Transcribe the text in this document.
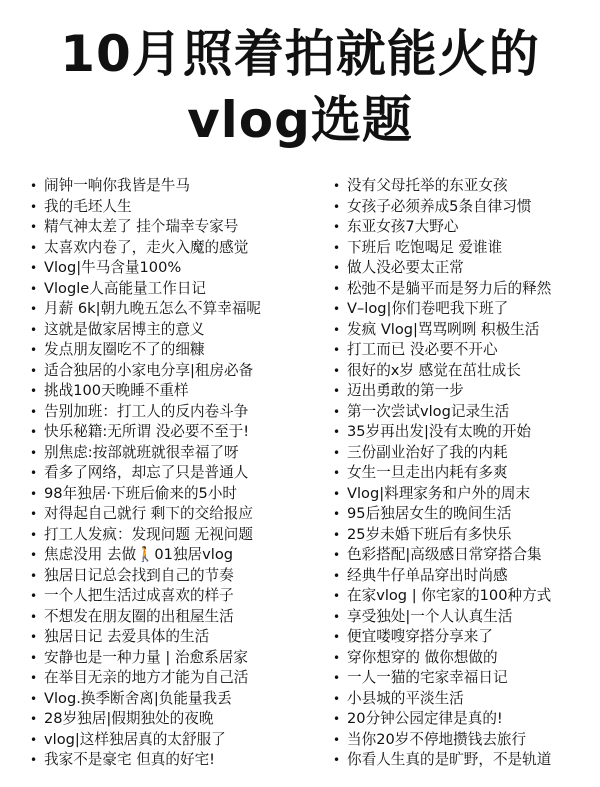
10月照着拍就能火的
vlog选题
• 闹钟一响你我皆是牛马
• 我的毛坯人生
• 精气神太差了 挂个瑞幸专家号
• 太喜欢内卷了，走火入魔的感觉
• Vlog|牛马含量100%
• Vlogle人高能量工作日记
• 月薪 6k|朝九晚五怎么不算幸福呢
• 这就是做家居博主的意义
• 发点朋友圈吃不了的细糠
• 适合独居的小家电分享|租房必备
• 挑战100天晚睡不重样
• 告别加班：打工人的反内卷斗争
• 快乐秘籍:无所谓 没必要不至于!
• 别焦虑:按部就班就很幸福了呀
• 看多了网络，却忘了只是普通人
• 98年独居·下班后偷来的5小时
• 对得起自己就行 剩下的交给报应
• 打工人发疯：发现问题 无视问题
• 焦虑没用 去做🚶01独居vlog
• 独居日记总会找到自己的节奏
• 一个人把生活过成喜欢的样子
• 不想发在朋友圈的出租屋生活
• 独居日记 去爱具体的生活
• 安静也是一种力量 | 治愈系居家
• 在举目无亲的地方才能为自己活
• Vlog.换季断舍离|负能量我丢
• 28岁独居|假期独处的夜晚
• vlog|这样独居真的太舒服了
• 我家不是豪宅 但真的好宅!
• 没有父母托举的东亚女孩
• 女孩子必须养成5条自律习惯
• 东亚女孩7大野心
• 下班后 吃饱喝足 爱谁谁
• 做人没必要太正常
• 松弛不是躺平而是努力后的释然
• V–log|你们卷吧我下班了
• 发疯 Vlog|骂骂咧咧 积极生活
• 打工而已 没必要不开心
• 很好的x岁 感觉在茁壮成长
• 迈出勇敢的第一步
• 第一次尝试vlog记录生活
• 35岁再出发|没有太晚的开始
• 三份副业治好了我的内耗
• 女生一旦走出内耗有多爽
• Vlog|料理家务和户外的周末
• 95后独居女生的晚间生活
• 25岁未婚下班后有多快乐
• 色彩搭配|高级感日常穿搭合集
• 经典牛仔单品穿出时尚感
• 在家vlog | 你宅家的100种方式
• 享受独处|一个人认真生活
• 便宜喽嗖穿搭分享来了
• 穿你想穿的 做你想做的
• 一人一猫的宅家幸福日记
• 小县城的平淡生活
• 20分钟公园定律是真的!
• 当你20岁不停地攒钱去旅行
• 你看人生真的是旷野，不是轨道
